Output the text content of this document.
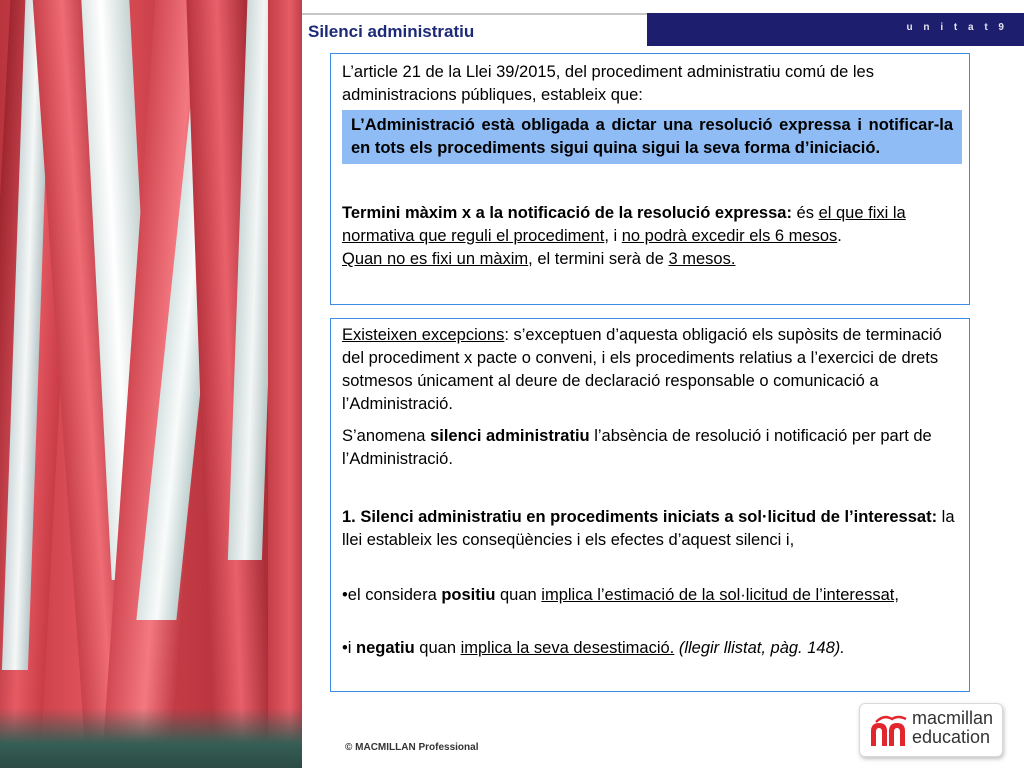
Silenci administratiu	u n i t a t 9
L’article 21 de la Llei 39/2015, del procediment administratiu comú de les administracions públiques, estableix que:
L’Administració està obligada a dictar una resolució expressa i notificar-la en tots els procediments sigui quina sigui la seva forma d’iniciació.
Termini màxim x a la notificació de la resolució expressa: és el que fixi la normativa que reguli el procediment, i no podrà excedir els 6 mesos.
Quan no es fixi un màxim, el termini serà de 3 mesos.
Existeixen excepcions: s’exceptuen d’aquesta obligació els supòsits de terminació del procediment x pacte o conveni, i els procediments relatius a l’exercici de drets sotmesos únicament al deure de declaració responsable o comunicació a l’Administració.
S’anomena silenci administratiu l’absència de resolució i notificació per part de l’Administració.
1. Silenci administratiu en procediments iniciats a sol·licitud de l’interessat: la llei estableix les conseqüències i els efectes d’aquest silenci i,
•el considera positiu quan implica l’estimació de la sol·licitud de l’interessat,
•i negatiu quan implica la seva desestimació. (llegir llistat, pàg. 148).
© MACMILLAN Professional
macmillan
education
